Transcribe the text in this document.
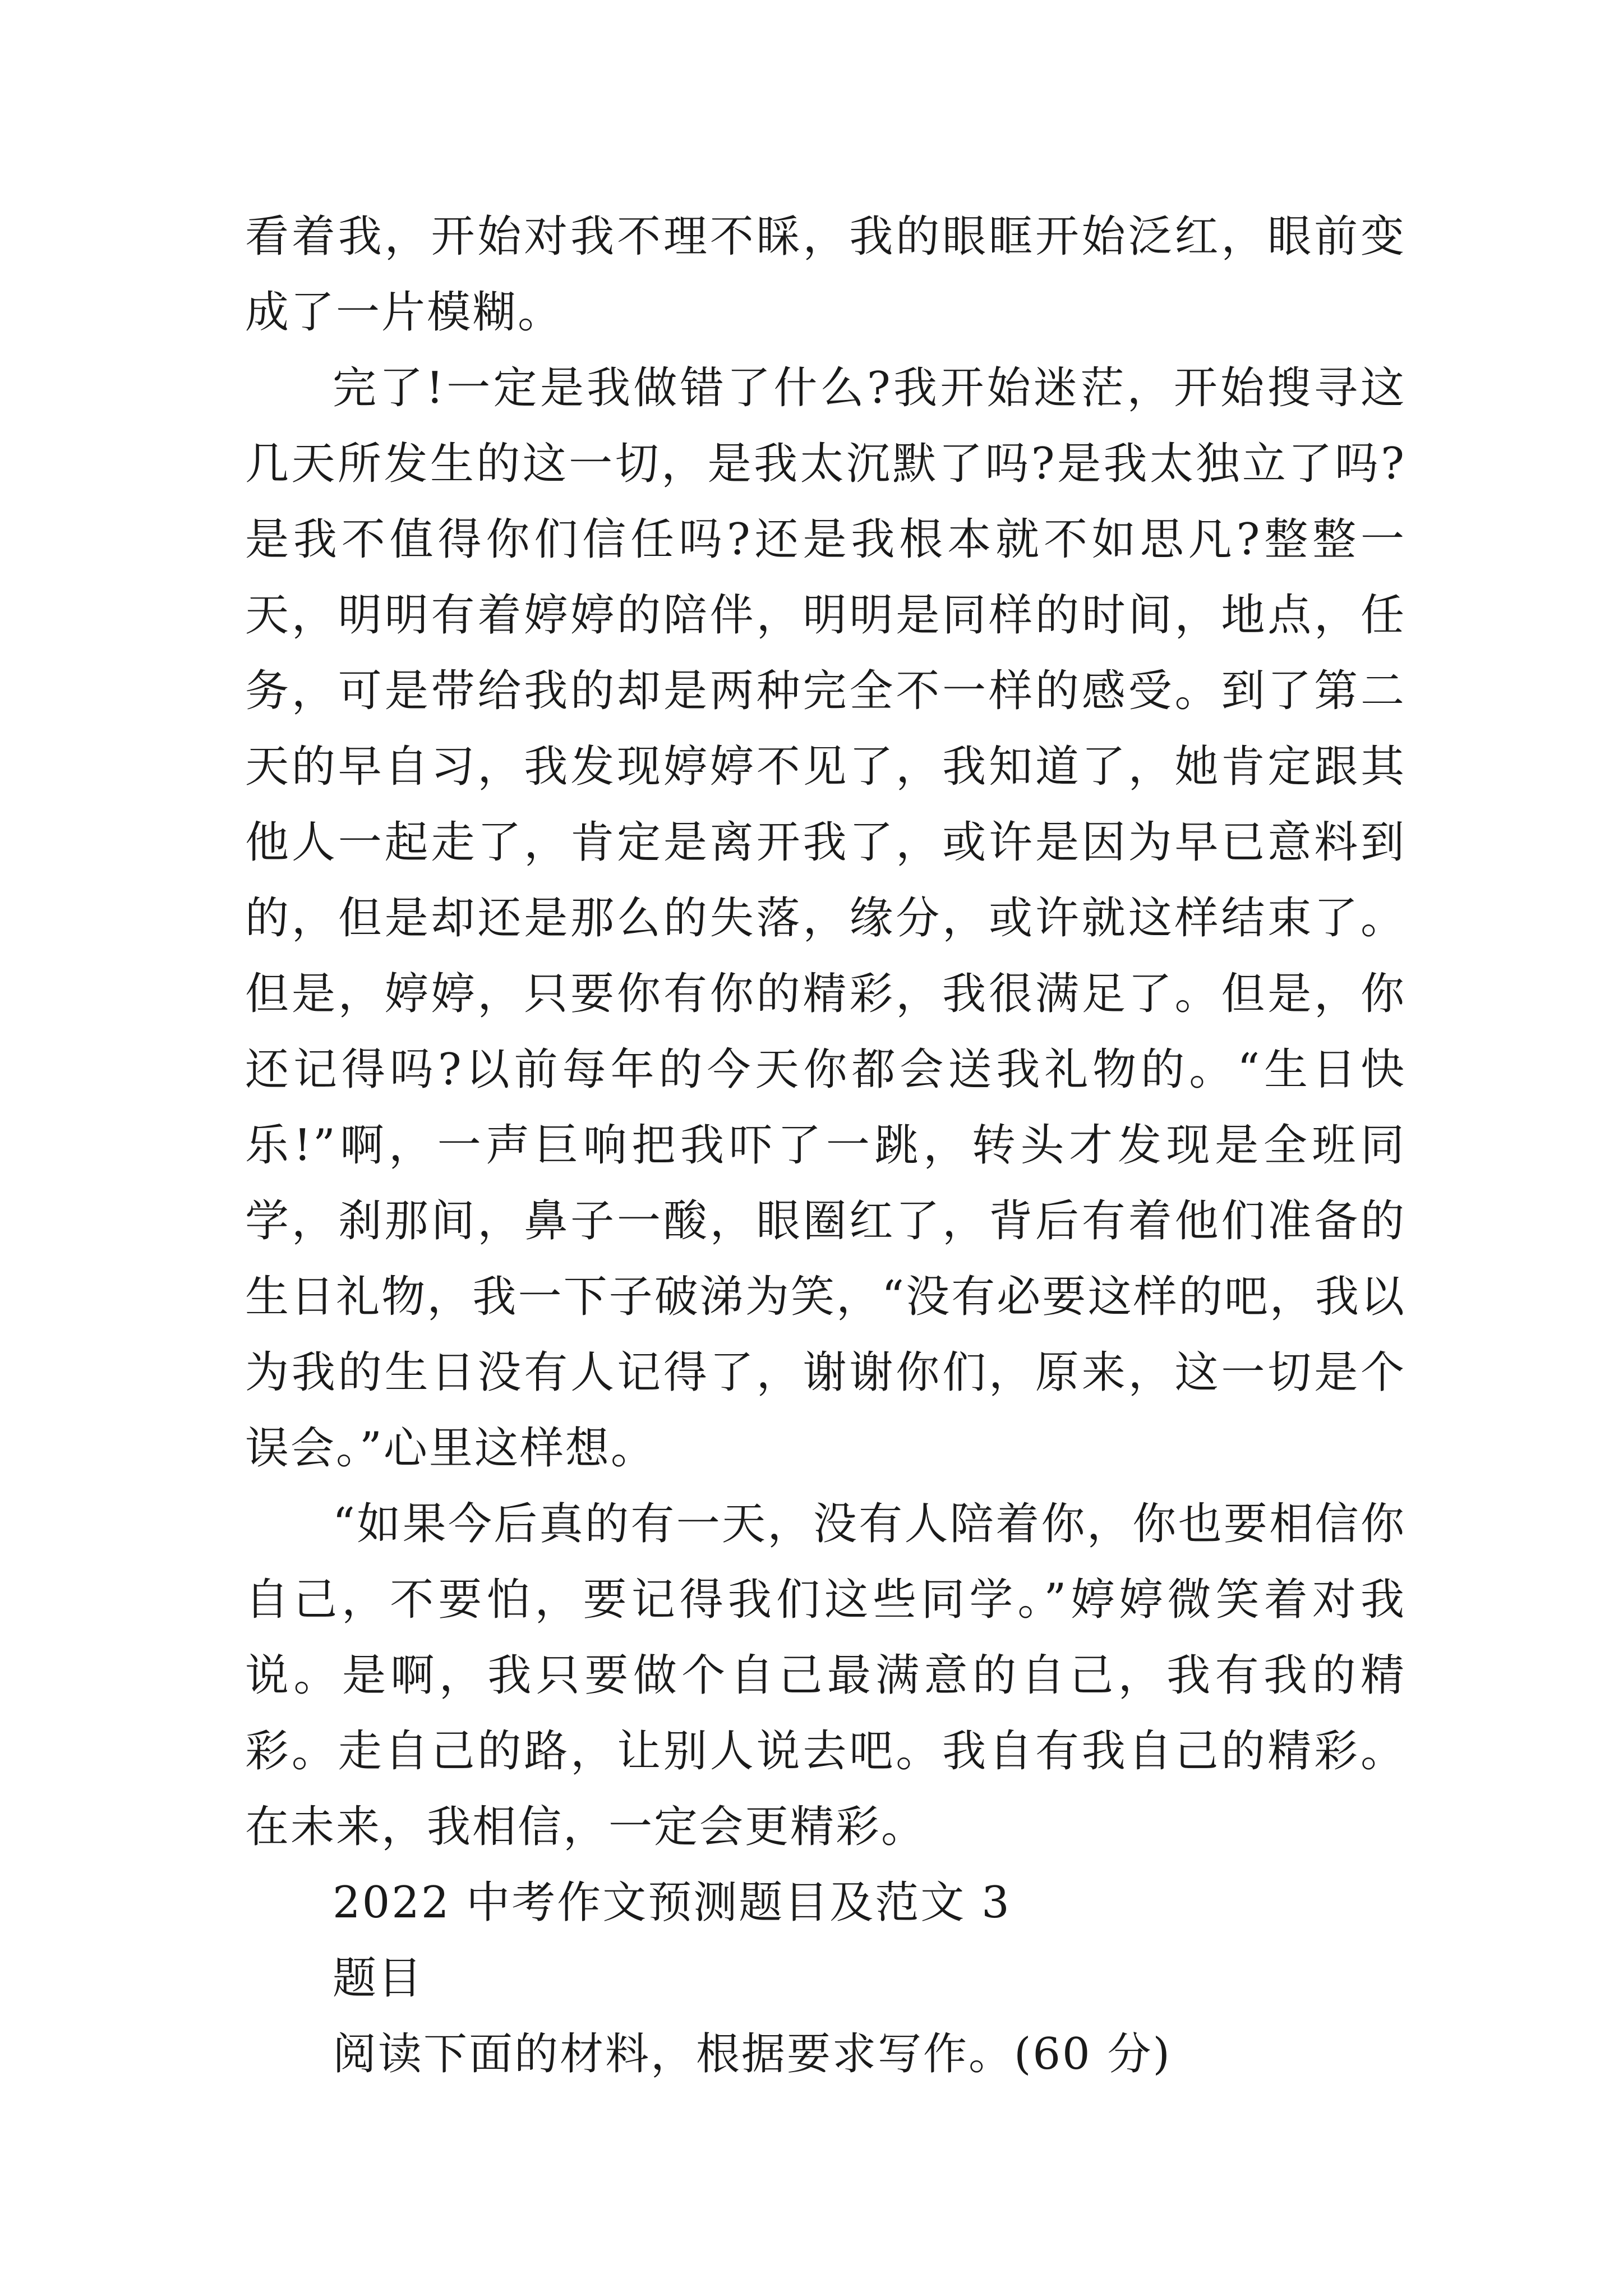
看着我，开始对我不理不睬，我的眼眶开始泛红，眼前变成了一片模糊。

完了!一定是我做错了什么?我开始迷茫，开始搜寻这几天所发生的这一切，是我太沉默了吗?是我太独立了吗?是我不值得你们信任吗?还是我根本就不如思凡?整整一天，明明有着婷婷的陪伴，明明是同样的时间，地点，任务，可是带给我的却是两种完全不一样的感受。到了第二天的早自习，我发现婷婷不见了，我知道了，她肯定跟其他人一起走了，肯定是离开我了，或许是因为早已意料到的，但是却还是那么的失落，缘分，或许就这样结束了。但是，婷婷，只要你有你的精彩，我很满足了。但是，你还记得吗?以前每年的今天你都会送我礼物的。“生日快乐!”啊，一声巨响把我吓了一跳，转头才发现是全班同学，刹那间，鼻子一酸，眼圈红了，背后有着他们准备的生日礼物，我一下子破涕为笑，“没有必要这样的吧，我以为我的生日没有人记得了，谢谢你们，原来，这一切是个误会。”心里这样想。

“如果今后真的有一天，没有人陪着你，你也要相信你自己，不要怕，要记得我们这些同学。”婷婷微笑着对我说。是啊，我只要做个自己最满意的自己，我有我的精彩。走自己的路，让别人说去吧。我自有我自己的精彩。在未来，我相信，一定会更精彩。

2022 中考作文预测题目及范文 3

题目

阅读下面的材料，根据要求写作。(60 分)
